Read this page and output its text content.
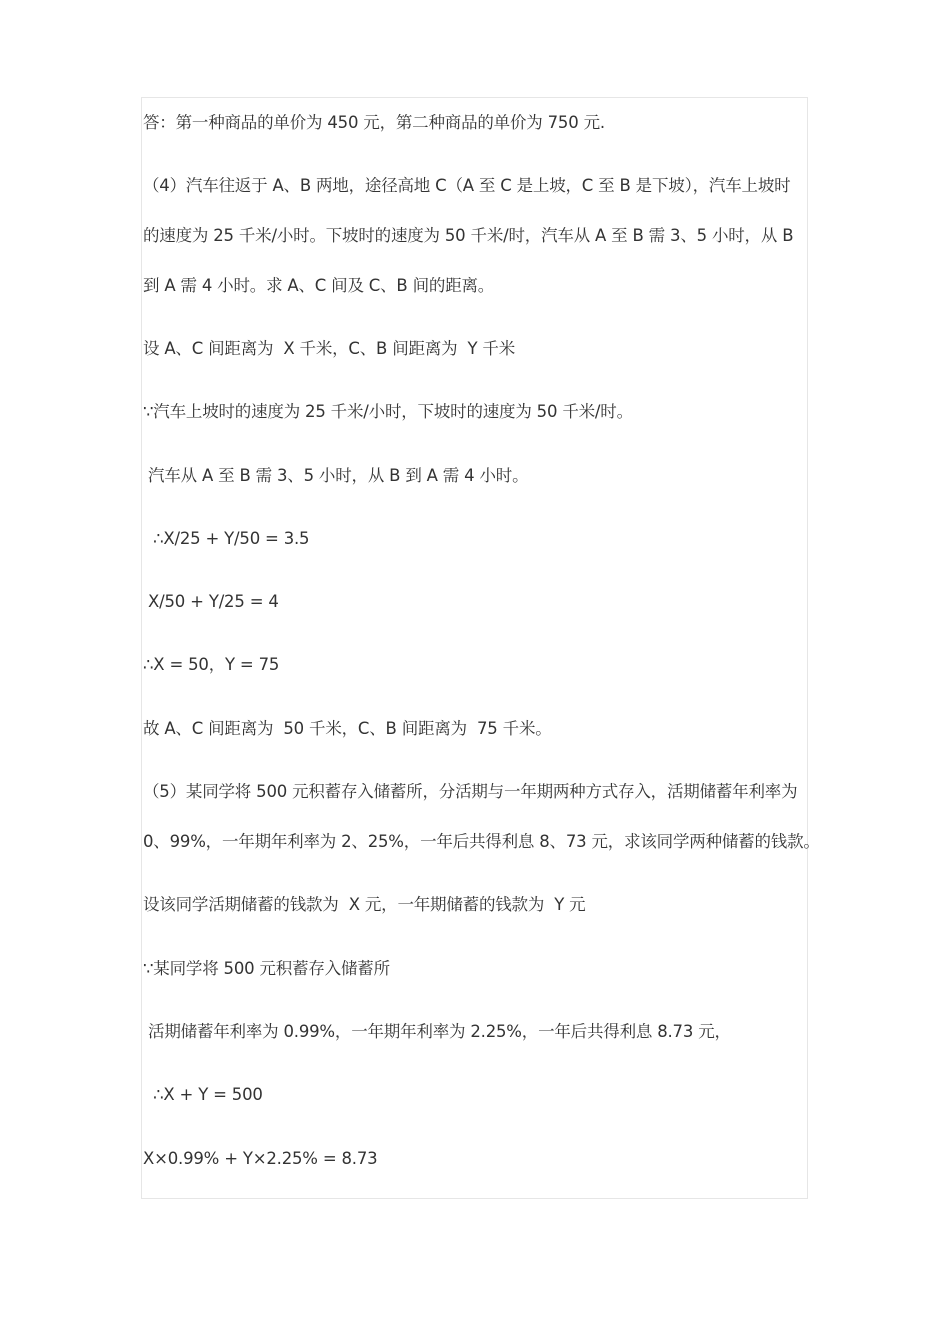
答：第一种商品的单价为 450 元，第二种商品的单价为 750 元.
（4）汽车往返于 A、B 两地，途径高地 C（A 至 C 是上坡，C 至 B 是下坡），汽车上坡时
的速度为 25 千米/小时。下坡时的速度为 50 千米/时，汽车从 A 至 B 需 3、5 小时，从 B
到 A 需 4 小时。求 A、C 间及 C、B 间的距离。
设 A、C 间距离为  X 千米，C、B 间距离为  Y 千米
∵汽车上坡时的速度为 25 千米/小时，下坡时的速度为 50 千米/时。
汽车从 A 至 B 需 3、5 小时，从 B 到 A 需 4 小时。
∴X/25 + Y/50 = 3.5
X/50 + Y/25 = 4
∴X = 50，Y = 75
故 A、C 间距离为  50 千米，C、B 间距离为  75 千米。
（5）某同学将 500 元积蓄存入储蓄所，分活期与一年期两种方式存入，活期储蓄年利率为
0、99%，一年期年利率为 2、25%，一年后共得利息 8、73 元，求该同学两种储蓄的钱款。
设该同学活期储蓄的钱款为  X 元，一年期储蓄的钱款为  Y 元
∵某同学将 500 元积蓄存入储蓄所
活期储蓄年利率为 0.99%，一年期年利率为 2.25%，一年后共得利息 8.73 元，
∴X + Y = 500
X×0.99% + Y×2.25% = 8.73
